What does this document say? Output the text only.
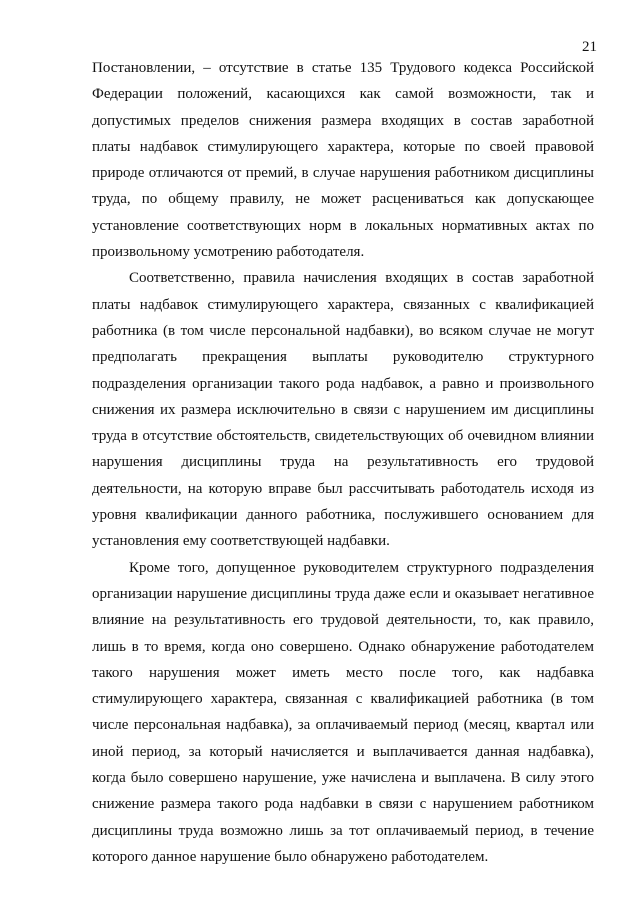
21
Постановлении, – отсутствие в статье 135 Трудового кодекса Российской
Федерации положений, касающихся как самой возможности, так и
допустимых пределов снижения размера входящих в состав заработной
платы надбавок стимулирующего характера, которые по своей правовой
природе отличаются от премий, в случае нарушения работником дисциплины
труда, по общему правилу, не может расцениваться как допускающее
установление соответствующих норм в локальных нормативных актах по
произвольному усмотрению работодателя.
Соответственно, правила начисления входящих в состав заработной
платы надбавок стимулирующего характера, связанных с квалификацией
работника (в том числе персональной надбавки), во всяком случае не могут
предполагать прекращения выплаты руководителю структурного
подразделения организации такого рода надбавок, а равно и произвольного
снижения их размера исключительно в связи с нарушением им дисциплины
труда в отсутствие обстоятельств, свидетельствующих об очевидном влиянии
нарушения дисциплины труда на результативность его трудовой
деятельности, на которую вправе был рассчитывать работодатель исходя из
уровня квалификации данного работника, послужившего основанием для
установления ему соответствующей надбавки.
Кроме того, допущенное руководителем структурного подразделения
организации нарушение дисциплины труда даже если и оказывает негативное
влияние на результативность его трудовой деятельности, то, как правило,
лишь в то время, когда оно совершено. Однако обнаружение работодателем
такого нарушения может иметь место после того, как надбавка
стимулирующего характера, связанная с квалификацией работника (в том
числе персональная надбавка), за оплачиваемый период (месяц, квартал или
иной период, за который начисляется и выплачивается данная надбавка),
когда было совершено нарушение, уже начислена и выплачена. В силу этого
снижение размера такого рода надбавки в связи с нарушением работником
дисциплины труда возможно лишь за тот оплачиваемый период, в течение
которого данное нарушение было обнаружено работодателем.
